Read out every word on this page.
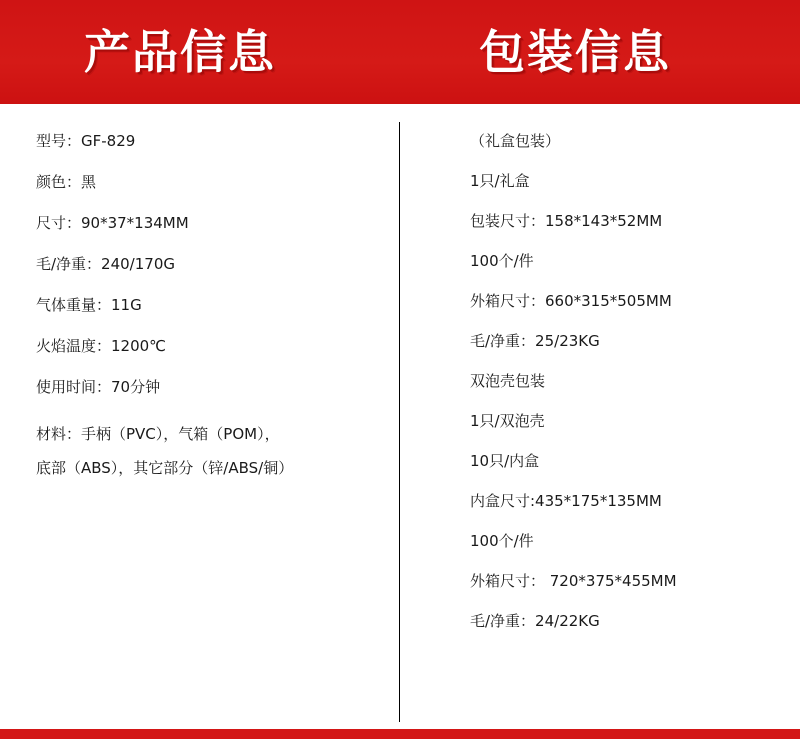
产品信息	包装信息

型号：GF-829

颜色：黑

尺寸：90*37*134MM

毛/净重：240/170G

气体重量：11G

火焰温度：1200℃

使用时间：70分钟

材料：手柄（PVC），气箱（POM），

底部（ABS），其它部分（锌/ABS/铜）

（礼盒包装）

1只/礼盒

包装尺寸：158*143*52MM

100个/件

外箱尺寸：660*315*505MM

毛/净重：25/23KG

双泡壳包装

1只/双泡壳

10只/内盒

内盒尺寸:435*175*135MM

100个/件

外箱尺寸： 720*375*455MM

毛/净重：24/22KG
